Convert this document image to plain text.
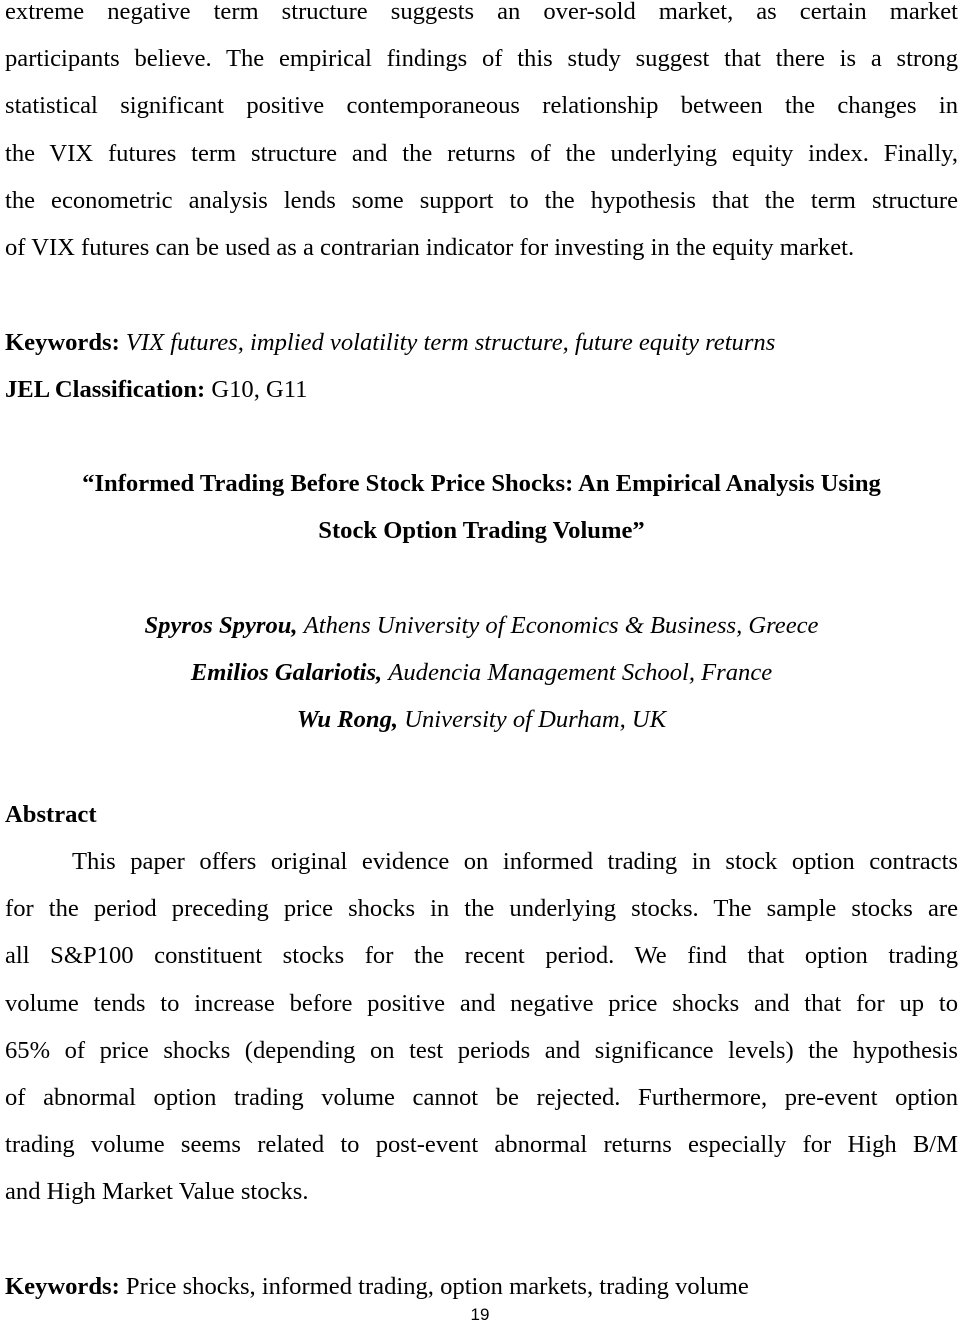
extreme negative term structure suggests an over-sold market, as certain market
participants believe. The empirical findings of this study suggest that there is a strong
statistical significant positive contemporaneous relationship between the changes in
the VIX futures term structure and the returns of the underlying equity index. Finally,
the econometric analysis lends some support to the hypothesis that the term structure
of VIX futures can be used as a contrarian indicator for investing in the equity market.
Keywords: VIX futures, implied volatility term structure, future equity returns
JEL Classification: G10, G11
“Informed Trading Before Stock Price Shocks: An Empirical Analysis Using
Stock Option Trading Volume”
Spyros Spyrou, Athens University of Economics & Business, Greece
Emilios Galariotis, Audencia Management School, France
Wu Rong, University of Durham, UK
Abstract
This paper offers original evidence on informed trading in stock option contracts
for the period preceding price shocks in the underlying stocks. The sample stocks are
all S&P100 constituent stocks for the recent period. We find that option trading
volume tends to increase before positive and negative price shocks and that for up to
65% of price shocks (depending on test periods and significance levels) the hypothesis
of abnormal option trading volume cannot be rejected. Furthermore, pre-event option
trading volume seems related to post-event abnormal returns especially for High B/M
and High Market Value stocks.
Keywords: Price shocks, informed trading, option markets, trading volume
19
